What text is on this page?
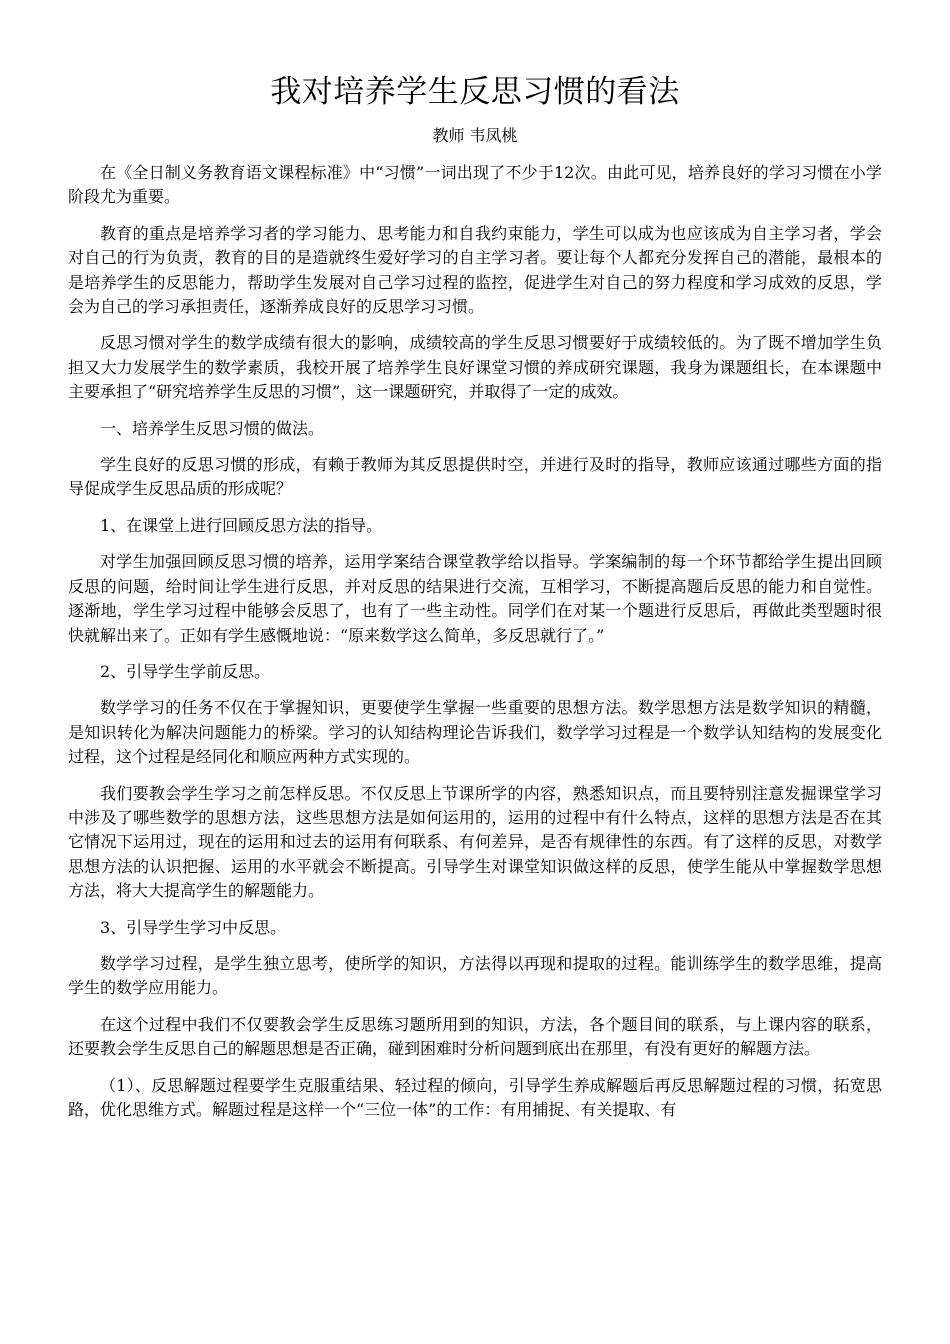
我对培养学生反思习惯的看法
教师 韦凤桃

在《全日制义务教育语文课程标准》中“习惯”一词出现了不少于12次。由此可见，培养良好的学习习惯在小学阶段尤为重要。

教育的重点是培养学习者的学习能力、思考能力和自我约束能力，学生可以成为也应该成为自主学习者，学会对自己的行为负责，教育的目的是造就终生爱好学习的自主学习者。要让每个人都充分发挥自己的潜能，最根本的是培养学生的反思能力，帮助学生发展对自己学习过程的监控，促进学生对自己的努力程度和学习成效的反思，学会为自己的学习承担责任，逐渐养成良好的反思学习习惯。

反思习惯对学生的数学成绩有很大的影响，成绩较高的学生反思习惯要好于成绩较低的。为了既不增加学生负担又大力发展学生的数学素质，我校开展了培养学生良好课堂习惯的养成研究课题，我身为课题组长，在本课题中主要承担了“研究培养学生反思的习惯”，这一课题研究，并取得了一定的成效。

一、培养学生反思习惯的做法。

学生良好的反思习惯的形成，有赖于教师为其反思提供时空，并进行及时的指导，教师应该通过哪些方面的指导促成学生反思品质的形成呢？

1、在课堂上进行回顾反思方法的指导。

对学生加强回顾反思习惯的培养，运用学案结合课堂教学给以指导。学案编制的每一个环节都给学生提出回顾反思的问题，给时间让学生进行反思，并对反思的结果进行交流，互相学习，不断提高题后反思的能力和自觉性。逐渐地，学生学习过程中能够会反思了，也有了一些主动性。同学们在对某一个题进行反思后，再做此类型题时很快就解出来了。正如有学生感慨地说：“原来数学这么简单，多反思就行了。”

2、引导学生学前反思。

数学学习的任务不仅在于掌握知识，更要使学生掌握一些重要的思想方法。数学思想方法是数学知识的精髓，是知识转化为解决问题能力的桥梁。学习的认知结构理论告诉我们，数学学习过程是一个数学认知结构的发展变化过程，这个过程是经同化和顺应两种方式实现的。

我们要教会学生学习之前怎样反思。不仅反思上节课所学的内容，熟悉知识点，而且要特别注意发掘课堂学习中涉及了哪些数学的思想方法，这些思想方法是如何运用的，运用的过程中有什么特点，这样的思想方法是否在其它情况下运用过，现在的运用和过去的运用有何联系、有何差异，是否有规律性的东西。有了这样的反思，对数学思想方法的认识把握、运用的水平就会不断提高。引导学生对课堂知识做这样的反思，使学生能从中掌握数学思想方法，将大大提高学生的解题能力。

3、引导学生学习中反思。

数学学习过程，是学生独立思考，使所学的知识，方法得以再现和提取的过程。能训练学生的数学思维，提高学生的数学应用能力。

在这个过程中我们不仅要教会学生反思练习题所用到的知识，方法，各个题目间的联系，与上课内容的联系，还要教会学生反思自己的解题思想是否正确，碰到困难时分析问题到底出在那里，有没有更好的解题方法。

（1）、反思解题过程要学生克服重结果、轻过程的倾向，引导学生养成解题后再反思解题过程的习惯，拓宽思路，优化思维方式。解题过程是这样一个“三位一体”的工作：有用捕捉、有关提取、有
